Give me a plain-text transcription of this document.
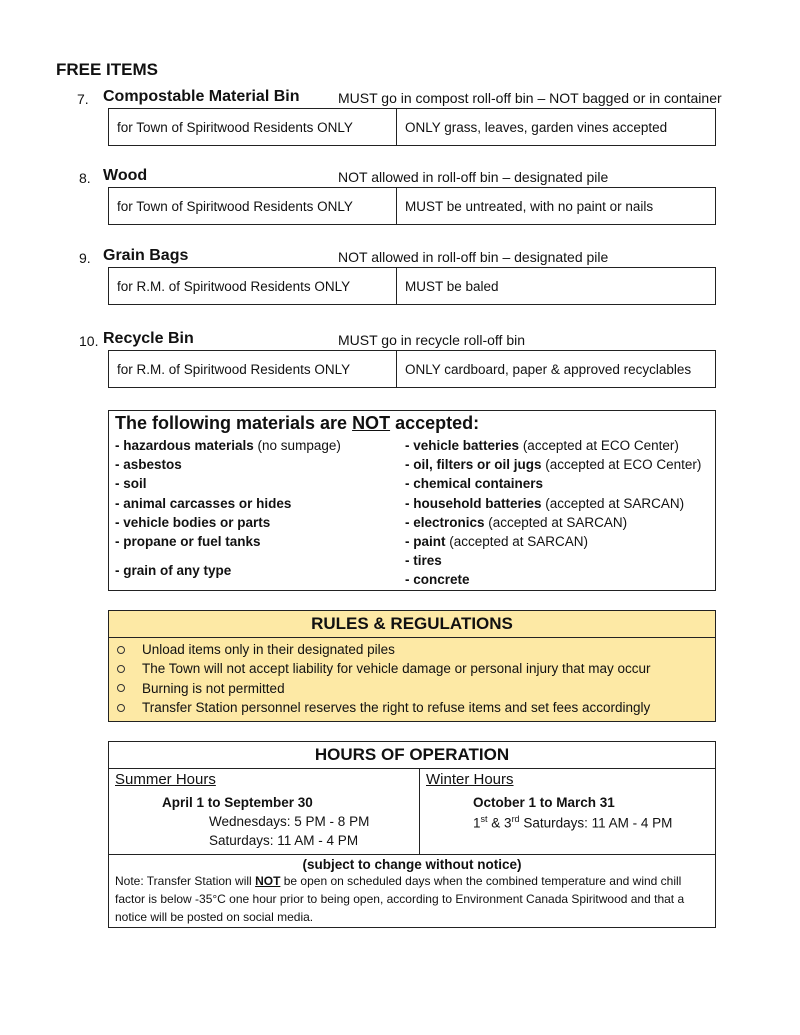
FREE ITEMS
7. Compostable Material Bin	MUST go in compost roll-off bin – NOT bagged or in container
for Town of Spiritwood Residents ONLY	ONLY grass, leaves, garden vines accepted
8. Wood	NOT allowed in roll-off bin – designated pile
for Town of Spiritwood Residents ONLY	MUST be untreated, with no paint or nails
9. Grain Bags	NOT allowed in roll-off bin – designated pile
for R.M. of Spiritwood Residents ONLY	MUST be baled
10. Recycle Bin	MUST go in recycle roll-off bin
for R.M. of Spiritwood Residents ONLY	ONLY cardboard, paper & approved recyclables
The following materials are NOT accepted:
- hazardous materials (no sumpage)
- asbestos
- soil
- animal carcasses or hides
- vehicle bodies or parts
- propane or fuel tanks
- grain of any type
- vehicle batteries (accepted at ECO Center)
- oil, filters or oil jugs (accepted at ECO Center)
- chemical containers
- household batteries (accepted at SARCAN)
- electronics (accepted at SARCAN)
- paint (accepted at SARCAN)
- tires
- concrete
RULES & REGULATIONS
Unload items only in their designated piles
The Town will not accept liability for vehicle damage or personal injury that may occur
Burning is not permitted
Transfer Station personnel reserves the right to refuse items and set fees accordingly
HOURS OF OPERATION
Summer Hours
April 1 to September 30
Wednesdays: 5 PM - 8 PM
Saturdays: 11 AM - 4 PM
Winter Hours
October 1 to March 31
1st & 3rd Saturdays: 11 AM - 4 PM
(subject to change without notice)
Note: Transfer Station will NOT be open on scheduled days when the combined temperature and wind chill factor is below -35°C one hour prior to being open, according to Environment Canada Spiritwood and that a notice will be posted on social media.
